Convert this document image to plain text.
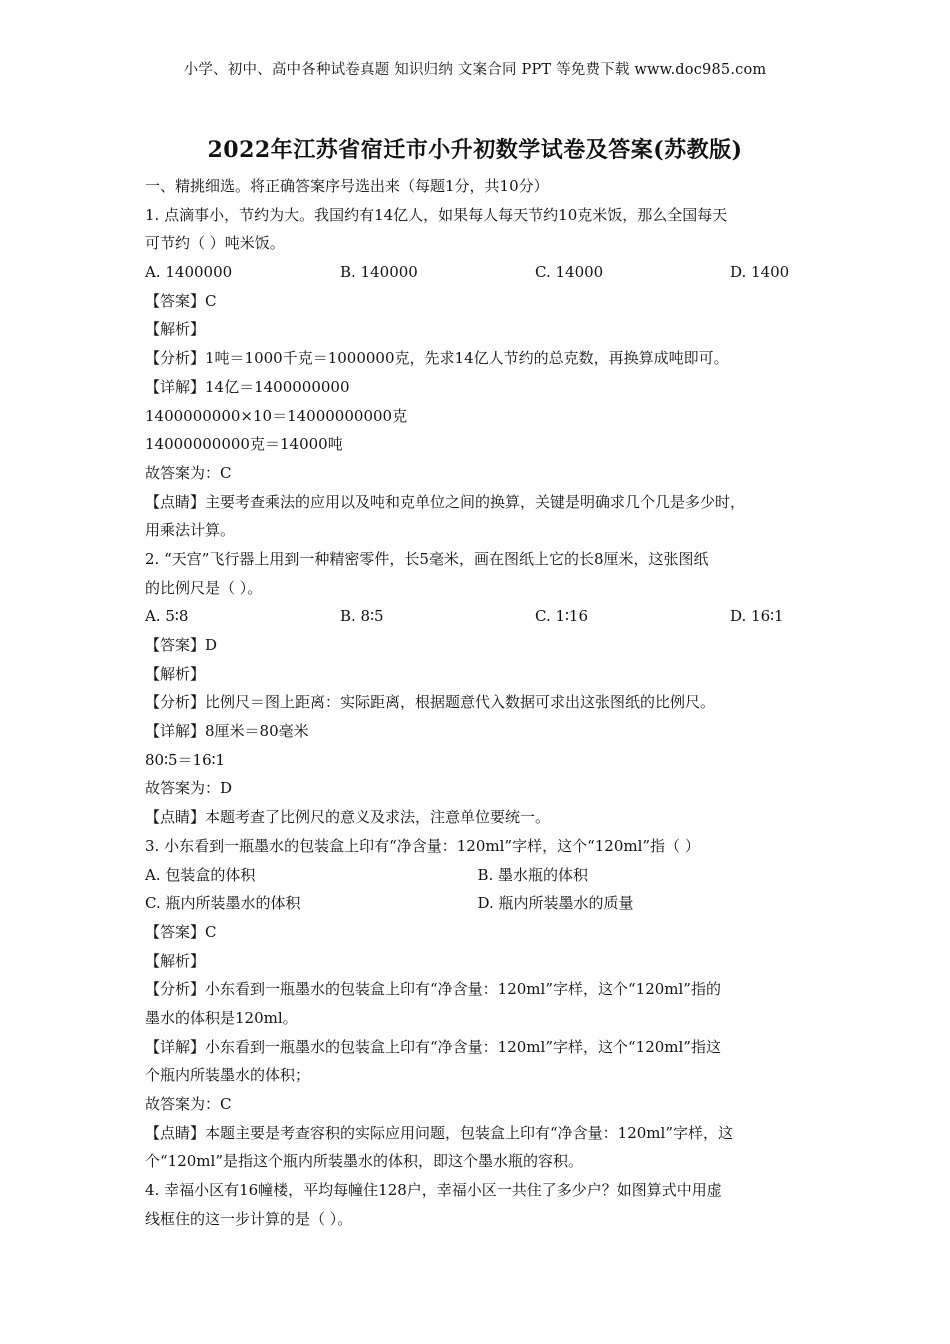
小学、初中、高中各种试卷真题 知识归纳 文案合同 PPT 等免费下载 www.doc985.com
2022年江苏省宿迁市小升初数学试卷及答案(苏教版)
一、精挑细选。将正确答案序号选出来（每题1分，共10分）
1. 点滴事小，节约为大。我国约有14亿人，如果每人每天节约10克米饭，那么全国每天
可节约（ ）吨米饭。
A. 1400000	B. 140000	C. 14000	D. 1400
【答案】C
【解析】
【分析】1吨＝1000千克＝1000000克，先求14亿人节约的总克数，再换算成吨即可。
【详解】14亿＝1400000000
1400000000×10＝14000000000克
14000000000克＝14000吨
故答案为：C
【点睛】主要考查乘法的应用以及吨和克单位之间的换算，关键是明确求几个几是多少时，
用乘法计算。
2. “天宫”飞行器上用到一种精密零件，长5毫米，画在图纸上它的长8厘米，这张图纸
的比例尺是（ ）。
A. 5∶8	B. 8∶5	C. 1∶16	D. 16∶1
【答案】D
【解析】
【分析】比例尺＝图上距离：实际距离，根据题意代入数据可求出这张图纸的比例尺。
【详解】8厘米＝80毫米
80∶5＝16∶1
故答案为：D
【点睛】本题考查了比例尺的意义及求法，注意单位要统一。
3. 小东看到一瓶墨水的包装盒上印有“净含量：120ml”字样，这个“120ml”指（ ）
A. 包装盒的体积	B. 墨水瓶的体积
C. 瓶内所装墨水的体积	D. 瓶内所装墨水的质量
【答案】C
【解析】
【分析】小东看到一瓶墨水的包装盒上印有“净含量：120ml”字样，这个“120ml”指的
墨水的体积是120ml。
【详解】小东看到一瓶墨水的包装盒上印有“净含量：120ml”字样，这个“120ml”指这
个瓶内所装墨水的体积；
故答案为：C
【点睛】本题主要是考查容积的实际应用问题，包装盒上印有“净含量：120ml”字样，这
个“120ml”是指这个瓶内所装墨水的体积，即这个墨水瓶的容积。
4. 幸福小区有16幢楼，平均每幢住128户，幸福小区一共住了多少户？如图算式中用虚
线框住的这一步计算的是（ ）。
